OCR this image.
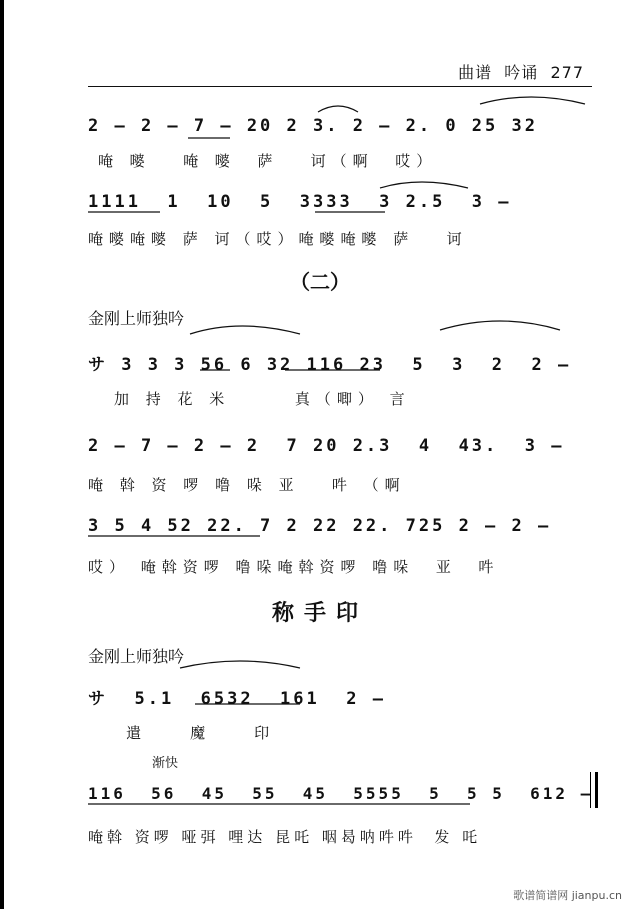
曲谱 吟诵 277
2 — 2 — 7 — 20 2 3. 2 — 2. 0 25 32
唵 嘙   唵 嘙  萨   诃（啊  哎）
1111  1  10  5  3333  3 2.5  3 —
唵嘙唵嘙 萨 诃（哎）唵嘙唵嘙 萨   诃
（二）
金刚上师独吟
サ 3 3 3 56 6 32 116 23  5  3  2  2 —
加 持 花 米      真（唧） 言
2 — 7 — 2 — 2  7 20 2.3  4  43.  3 —
唵 斡 资 啰 噜 哚 亚   吽 （啊
3 5 4 52 22. 7 2 22 22. 725 2 — 2 —
哎） 唵斡资啰 噜哚唵斡资啰 噜哚  亚  吽
称手印
金刚上师独吟
サ  5.1  6532  161  2 —
遣    魔    印
渐快
116  56  45  55  45  5555  5  5 5  612 —
唵斡 资啰 哑弭 哩达 昆吒 咽曷呐吽吽  发 吒
歌谱简谱网 jianpu.cn
